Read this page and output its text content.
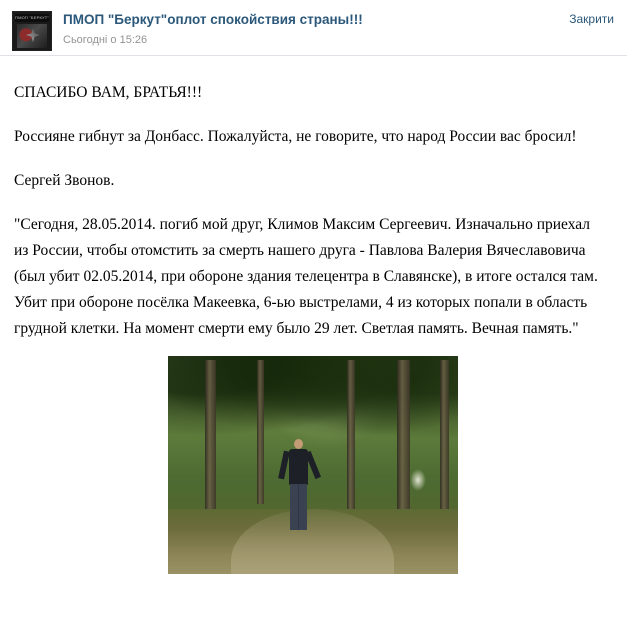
ПМОП "БЕРКУТ" ПМОП "Беркут"оплот спокойствия страны!!!
Сьогодні о 15:26
Закрити

СПАСИБО ВАМ, БРАТЬЯ!!!

Россияне гибнут за Донбасс. Пожалуйста, не говорите, что народ России вас бросил!

Сергей Звонов.

"Сегодня, 28.05.2014. погиб мой друг, Климов Максим Сергеевич. Изначально приехал из России, чтобы отомстить за смерть нашего друга - Павлова Валерия Вячеславовича (был убит 02.05.2014, при обороне здания телецентра в Славянске), в итоге остался там. Убит при обороне посёлка Макеевка, 6-ью выстрелами, 4 из которых попали в область грудной клетки. На момент смерти ему было 29 лет. Светлая память. Вечная память."
